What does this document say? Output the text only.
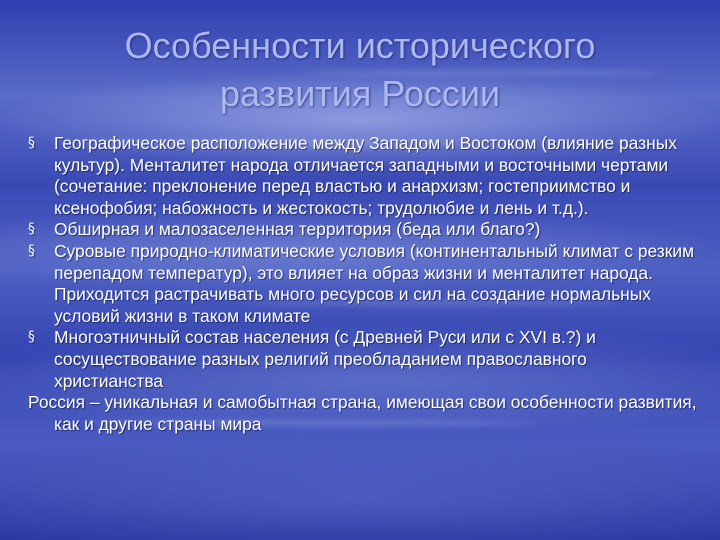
Особенности исторического
развития России

§	Географическое расположение между Западом и Востоком (влияние разных культур). Менталитет народа отличается западными и восточными чертами (сочетание: преклонение перед властью и анархизм; гостеприимство и ксенофобия; набожность и жестокость; трудолюбие и лень и т.д.).

§	Обширная и малозаселенная территория (беда или благо?)

§	Суровые природно-климатические условия (континентальный климат с резким перепадом температур), это влияет на образ жизни и менталитет народа. Приходится растрачивать много ресурсов и сил на создание нормальных условий жизни в таком климате

§	Многоэтничный состав населения (с Древней Руси или с XVI в.?) и сосуществование разных религий преобладанием православного христианства

Россия – уникальная и самобытная страна, имеющая свои особенности развития, как и другие страны мира
